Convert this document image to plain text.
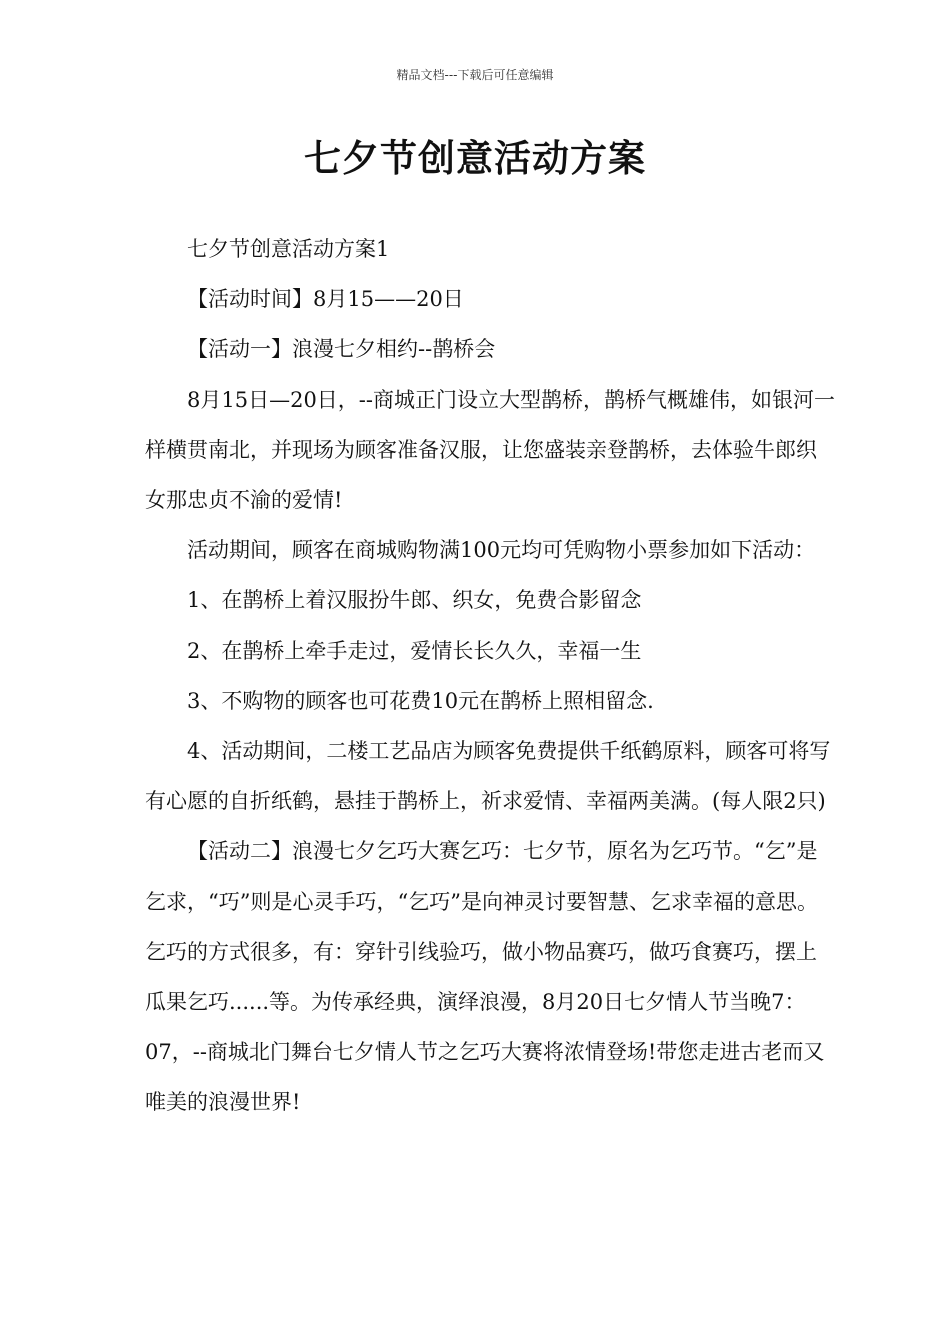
精品文档---下载后可任意编辑
七夕节创意活动方案

七夕节创意活动方案1

【活动时间】8月15——20日

【活动一】浪漫七夕相约--鹊桥会

8月15日—20日，--商城正门设立大型鹊桥，鹊桥气概雄伟，如银河一样横贯南北，并现场为顾客准备汉服，让您盛装亲登鹊桥，去体验牛郎织女那忠贞不渝的爱情!

活动期间，顾客在商城购物满100元均可凭购物小票参加如下活动：

1、在鹊桥上着汉服扮牛郎、织女，免费合影留念

2、在鹊桥上牵手走过，爱情长长久久，幸福一生

3、不购物的顾客也可花费10元在鹊桥上照相留念.

4、活动期间，二楼工艺品店为顾客免费提供千纸鹤原料，顾客可将写有心愿的自折纸鹤，悬挂于鹊桥上，祈求爱情、幸福两美满。(每人限2只)

【活动二】浪漫七夕乞巧大赛乞巧：七夕节，原名为乞巧节。“乞”是乞求，“巧”则是心灵手巧，“乞巧”是向神灵讨要智慧、乞求幸福的意思。乞巧的方式很多，有：穿针引线验巧，做小物品赛巧，做巧食赛巧，摆上瓜果乞巧......等。为传承经典，演绎浪漫，8月20日七夕情人节当晚7：07，--商城北门舞台七夕情人节之乞巧大赛将浓情登场!带您走进古老而又唯美的浪漫世界!
